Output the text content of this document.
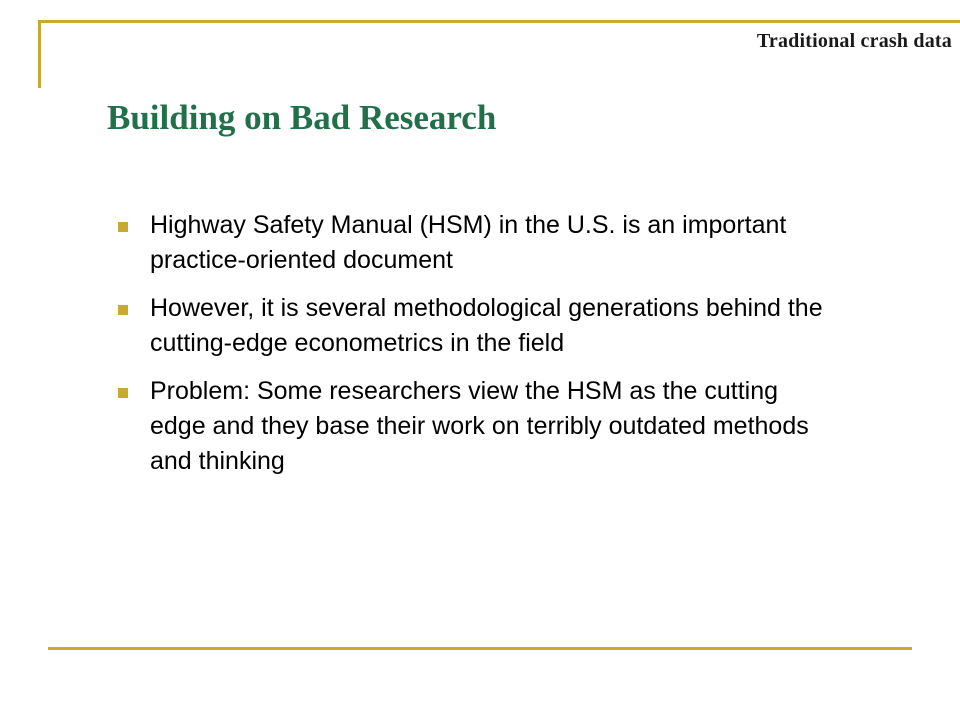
Traditional crash data
Building on Bad Research
Highway Safety Manual (HSM) in the U.S. is an important practice-oriented document
However, it is several methodological generations behind the cutting-edge econometrics in the field
Problem: Some researchers view the HSM as the cutting edge and they base their work on terribly outdated methods and thinking
